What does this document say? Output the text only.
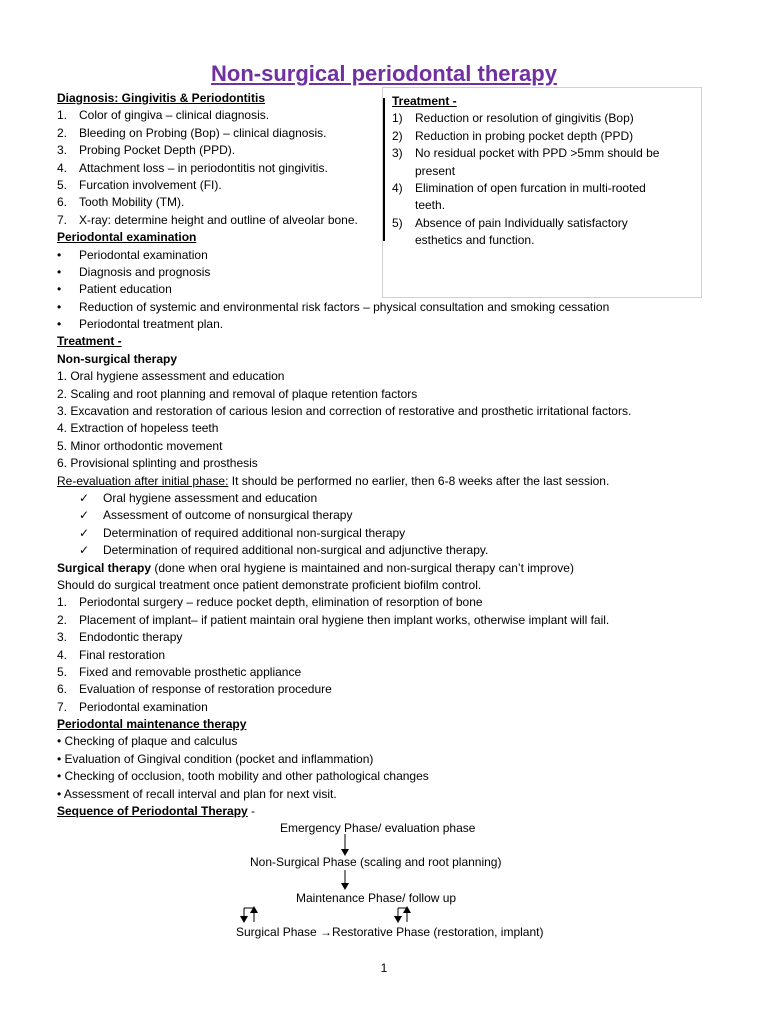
Non-surgical periodontal therapy
Treatment -
1) Reduction or resolution of gingivitis (Bop)
2) Reduction in probing pocket depth (PPD)
3) No residual pocket with PPD >5mm should be
present
4) Elimination of open furcation in multi-rooted
teeth.
5) Absence of pain Individually satisfactory
esthetics and function.
Diagnosis: Gingivitis & Periodontitis
1. Color of gingiva – clinical diagnosis.
2. Bleeding on Probing (Bop) – clinical diagnosis.
3. Probing Pocket Depth (PPD).
4. Attachment loss – in periodontitis not gingivitis.
5. Furcation involvement (FI).
6. Tooth Mobility (TM).
7. X-ray: determine height and outline of alveolar bone.
Periodontal examination
• Periodontal examination
• Diagnosis and prognosis
• Patient education
• Reduction of systemic and environmental risk factors – physical consultation and smoking cessation
• Periodontal treatment plan.
Treatment -
Non-surgical therapy
1. Oral hygiene assessment and education
2. Scaling and root planning and removal of plaque retention factors
3. Excavation and restoration of carious lesion and correction of restorative and prosthetic irritational factors.
4. Extraction of hopeless teeth
5. Minor orthodontic movement
6. Provisional splinting and prosthesis
Re-evaluation after initial phase: It should be performed no earlier, then 6-8 weeks after the last session.
✓ Oral hygiene assessment and education
✓ Assessment of outcome of nonsurgical therapy
✓ Determination of required additional non-surgical therapy
✓ Determination of required additional non-surgical and adjunctive therapy.
Surgical therapy (done when oral hygiene is maintained and non-surgical therapy can’t improve)
Should do surgical treatment once patient demonstrate proficient biofilm control.
1. Periodontal surgery – reduce pocket depth, elimination of resorption of bone
2. Placement of implant– if patient maintain oral hygiene then implant works, otherwise implant will fail.
3. Endodontic therapy
4. Final restoration
5. Fixed and removable prosthetic appliance
6. Evaluation of response of restoration procedure
7. Periodontal examination
Periodontal maintenance therapy
• Checking of plaque and calculus
• Evaluation of Gingival condition (pocket and inflammation)
• Checking of occlusion, tooth mobility and other pathological changes
• Assessment of recall interval and plan for next visit.
Sequence of Periodontal Therapy -
Emergency Phase/ evaluation phase
Non-Surgical Phase (scaling and root planning)
Maintenance Phase/ follow up
Surgical Phase →Restorative Phase (restoration, implant)
1
